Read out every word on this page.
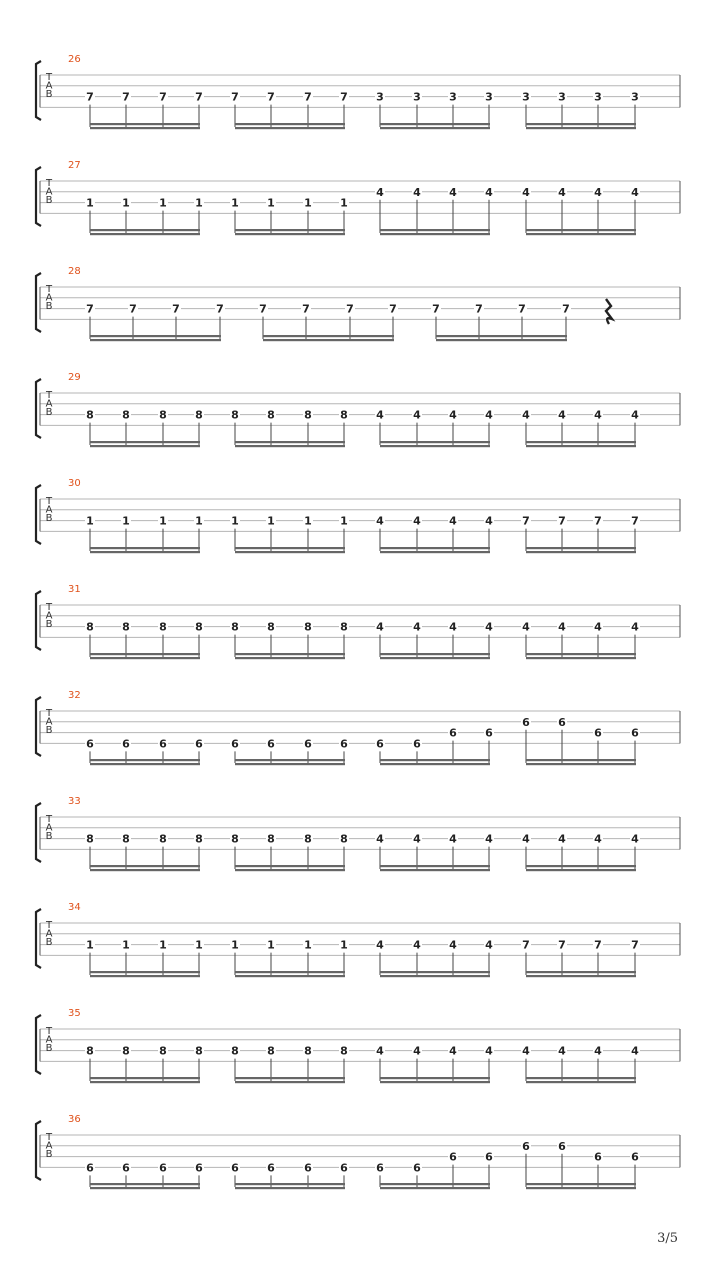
T
A
B
26
7	7	7	7	7	7	7	7	3	3	3	3	3	3	3	3
T
A
B
27
1	1	1	1	1	1	1	1
4	4	4	4	4	4	4	4
T
A
B
28
7	7	7	7	7	7	7	7	7	7	7	7
T
A
B
29
8	8	8	8	8	8	8	8	4	4	4	4	4	4	4	4
T
A
B
30
1	1	1	1	1	1	1	1	4	4	4	4	7	7	7	7
T
A
B
31
8	8	8	8	8	8	8	8	4	4	4	4	4	4	4	4
T
A
B
32
6	6	6	6	6	6	6	6	6	6
6	6
6	6
6	6
T
A
B
33
8	8	8	8	8	8	8	8	4	4	4	4	4	4	4	4
T
A
B
34
1	1	1	1	1	1	1	1	4	4	4	4	7	7	7	7
T
A
B
35
8	8	8	8	8	8	8	8	4	4	4	4	4	4	4	4
T
A
B
36
6	6	6	6	6	6	6	6	6	6
6	6
6	6
6	6
3/5
